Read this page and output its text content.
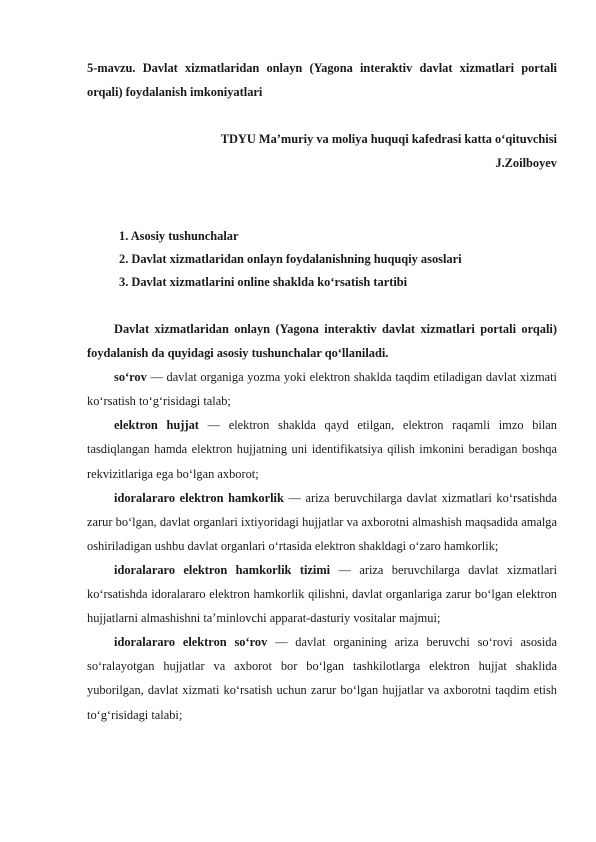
5-mavzu. Davlat xizmatlaridan onlayn (Yagona interaktiv davlat xizmatlari portali orqali) foydalanish imkoniyatlari
TDYU Ma’muriy va moliya huquqi kafedrasi katta o‘qituvchisi
J.Zoilboyev
1. Asosiy tushunchalar
2. Davlat xizmatlaridan onlayn foydalanishning huquqiy asoslari
3. Davlat xizmatlarini online shaklda ko‘rsatish tartibi

Davlat xizmatlaridan onlayn (Yagona interaktiv davlat xizmatlari portali orqali) foydalanish da quyidagi asosiy tushunchalar qo‘llaniladi.

so‘rov — davlat organiga yozma yoki elektron shaklda taqdim etiladigan davlat xizmati ko‘rsatish to‘g‘risidagi talab;

elektron hujjat — elektron shaklda qayd etilgan, elektron raqamli imzo bilan tasdiqlangan hamda elektron hujjatning uni identifikatsiya qilish imkonini beradigan boshqa rekvizitlariga ega bo‘lgan axborot;

idoralararo elektron hamkorlik — ariza beruvchilarga davlat xizmatlari ko‘rsatishda zarur bo‘lgan, davlat organlari ixtiyoridagi hujjatlar va axborotni almashish maqsadida amalga oshiriladigan ushbu davlat organlari o‘rtasida elektron shakldagi o‘zaro hamkorlik;

idoralararo elektron hamkorlik tizimi — ariza beruvchilarga davlat xizmatlari ko‘rsatishda idoralararo elektron hamkorlik qilishni, davlat organlariga zarur bo‘lgan elektron hujjatlarni almashishni ta’minlovchi apparat-dasturiy vositalar majmui;

idoralararo elektron so‘rov — davlat organining ariza beruvchi so‘rovi asosida so‘ralayotgan hujjatlar va axborot bor bo‘lgan tashkilotlarga elektron hujjat shaklida yuborilgan, davlat xizmati ko‘rsatish uchun zarur bo‘lgan hujjatlar va axborotni taqdim etish to‘g‘risidagi talabi;
